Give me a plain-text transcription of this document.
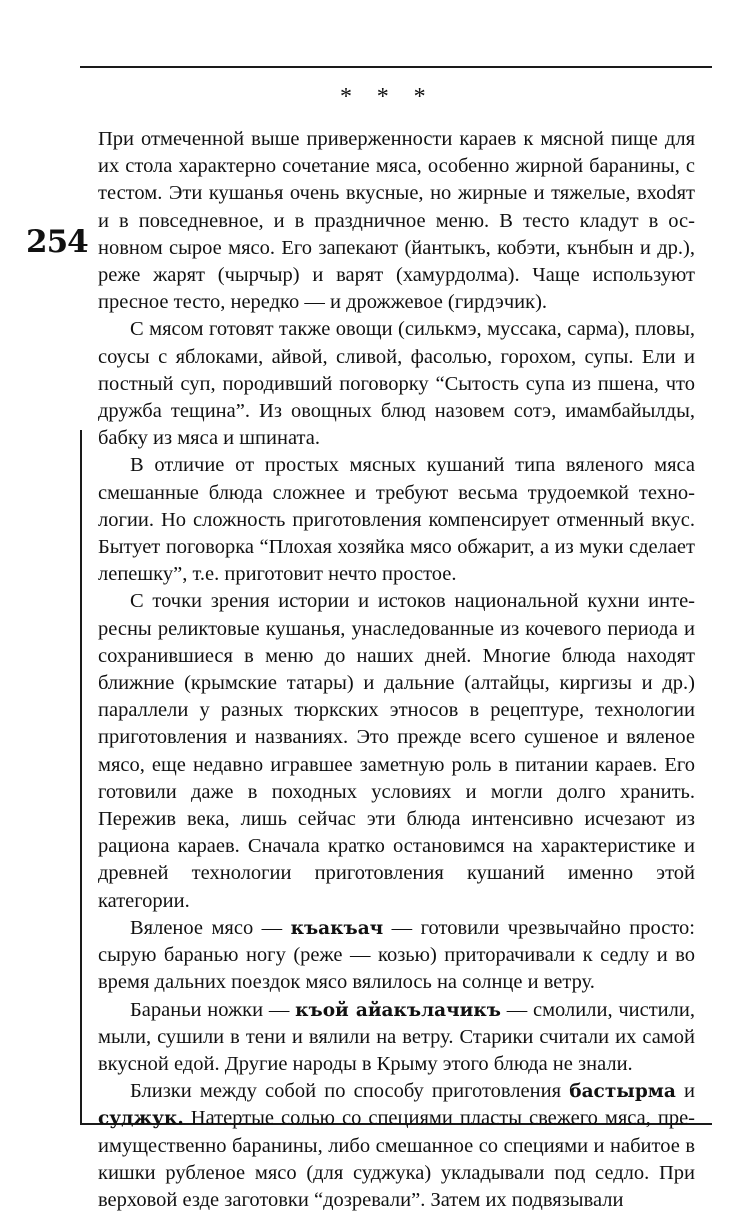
254
* * *

При отмеченной выше приверженности караев к мясной пище для их стола характерно сочетание мяса, особенно жирной баранины, с тестом. Эти кушанья очень вкусные, но жирные и тяжелые, вхоdят и в повседневное, и в праздничное меню. В тесто кладут в основном сырое мясо. Его запекают (йантыкъ, кобэти, кънбын и др.), реже жарят (чырчыр) и варят (хамурдолма). Чаще используют пресное тесто, нередко — и дрожжевое (гирдэчик).

С мясом готовят также овощи (силькмэ, муссака, сарма), пловы, соусы с яблоками, айвой, сливой, фасолью, горохом, супы. Ели и постный суп, породивший поговорку “Сытость супа из пшена, что дружба тещина”. Из овощных блюд назовем сотэ, имамбайылды, бабку из мяса и шпината.

В отличие от простых мясных кушаний типа вяленого мяса смешанные блюда сложнее и требуют весьма трудоемкой технологии. Но сложность приготовления компенсирует отменный вкус. Бытует поговорка “Плохая хозяйка мясо обжарит, а из муки сделает лепешку”, т.е. приготовит нечто простое.

С точки зрения истории и истоков национальной кухни интересны реликтовые кушанья, унаследованные из кочевого периода и сохранившиеся в меню до наших дней. Многие блюда находят ближние (крымские татары) и дальние (алтайцы, киргизы и др.) параллели у разных тюркских этносов в рецептуре, технологии приготовления и названиях. Это прежде всего сушеное и вяленое мясо, еще недавно игравшее заметную роль в питании караев. Его готовили даже в походных условиях и могли долго хранить. Пережив века, лишь сейчас эти блюда интенсивно исчезают из рациона караев. Сначала кратко остановимся на характеристике и древней технологии приготовления кушаний именно этой категории.

Вяленое мясо — къакъач — готовили чрезвычайно просто: сырую баранью ногу (реже — козью) приторачивали к седлу и во время дальних поездок мясо вялилось на солнце и ветру.

Бараньи ножки — къой айакълачикъ — смолили, чистили, мыли, сушили в тени и вялили на ветру. Старики считали их самой вкусной едой. Другие народы в Крыму этого блюда не знали.

Близки между собой по способу приготовления бастырма и суджук. Натертые солью со специями пласты свежего мяса, преимущественно баранины, либо смешанное со специями и набитое в кишки рубленое мясо (для суджука) укладывали под седло. При верховой езде заготовки “дозревали”. Затем их подвязывали
